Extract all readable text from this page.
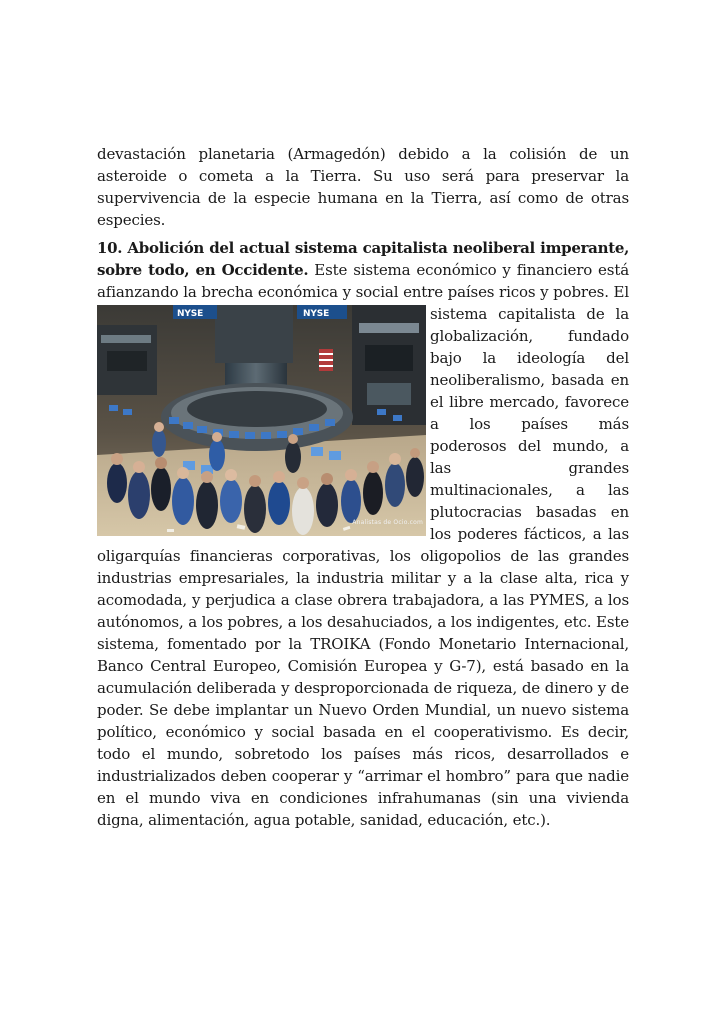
devastación planetaria (Armagedón) debido a la colisión de un asteroide o cometa a la Tierra. Su uso será para preservar la supervivencia de la especie humana en la Tierra, así como de otras especies.

10. Abolición del actual sistema capitalista neoliberal imperante, sobre todo, en Occidente. Este sistema económico y financiero está afianzando la brecha económica y social entre países ricos y pobres. El
NYSE	NYSE
Analistas de Ocio.com
sistema capitalista de la globalización, fundado bajo la ideología del neoliberalismo, basada en el libre mercado, favorece a los países más poderosos del mundo, a las grandes multinacionales, a las plutocracias basadas en los poderes fácticos, a las oligarquías financieras corporativas, los oligopolios de las grandes industrias empresariales, la industria militar y a la clase alta, rica y acomodada, y perjudica a clase obrera trabajadora, a las PYMES, a los autónomos, a los pobres, a los desahuciados, a los indigentes, etc. Este sistema, fomentado por la TROIKA (Fondo Monetario Internacional, Banco Central Europeo, Comisión Europea y G-7), está basado en la acumulación deliberada y desproporcionada de riqueza, de dinero y de poder. Se debe implantar un Nuevo Orden Mundial, un nuevo sistema político, económico y social basada en el cooperativismo. Es decir, todo el mundo, sobretodo los países más ricos, desarrollados e industrializados deben cooperar y “arrimar el hombro” para que nadie en el mundo viva en condiciones infrahumanas (sin una vivienda digna, alimentación, agua potable, sanidad, educación, etc.).
